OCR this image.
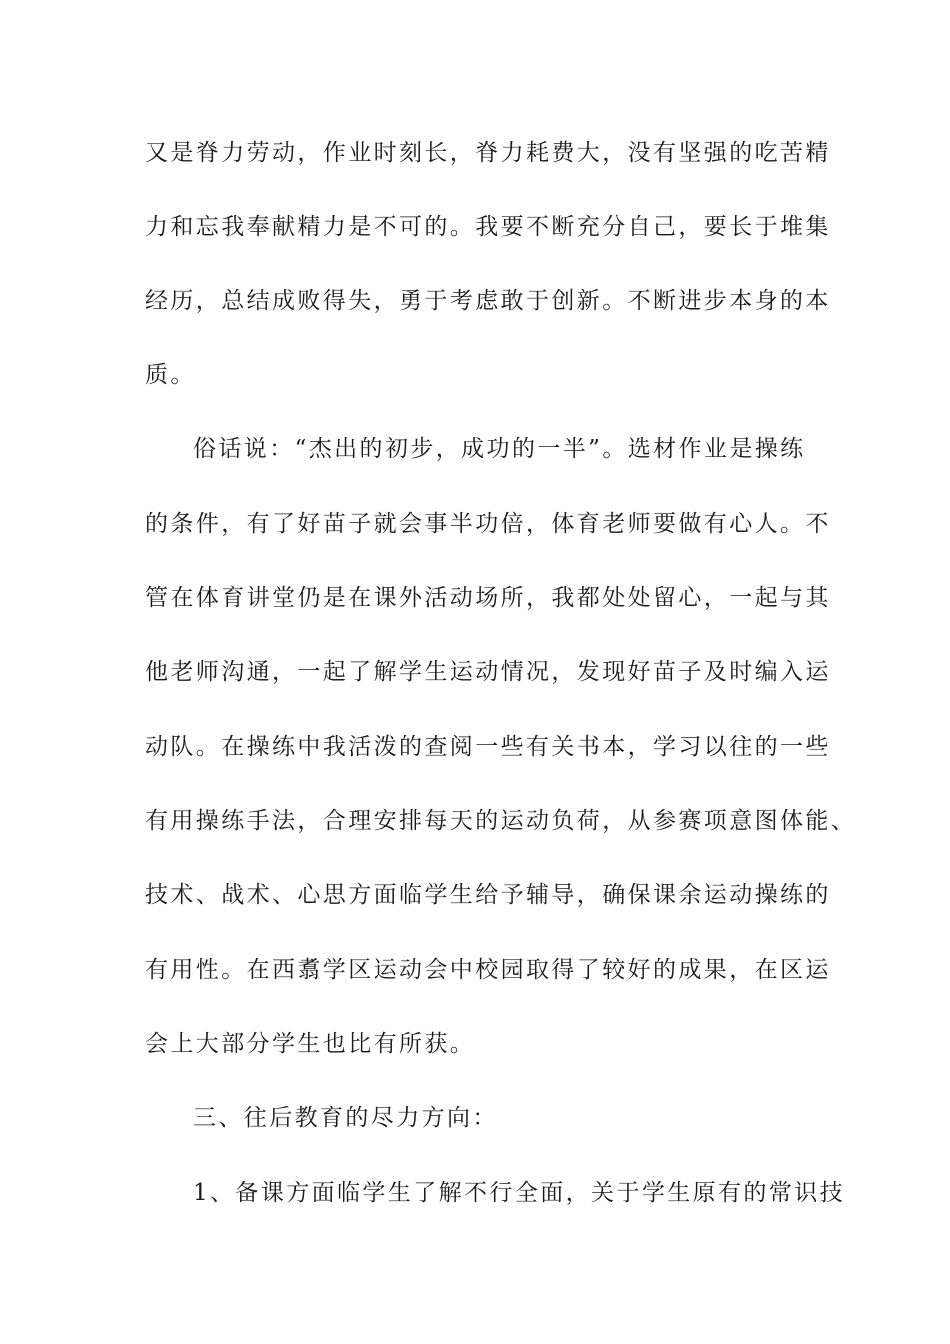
又是脊力劳动，作业时刻长，脊力耗费大，没有坚强的吃苦精
力和忘我奉献精力是不可的。我要不断充分自己，要长于堆集
经历，总结成败得失，勇于考虑敢于创新。不断进步本身的本
质。
俗话说：“杰出的初步，成功的一半”。选材作业是操练
的条件，有了好苗子就会事半功倍，体育老师要做有心人。不
管在体育讲堂仍是在课外活动场所，我都处处留心，一起与其
他老师沟通，一起了解学生运动情况，发现好苗子及时编入运
动队。在操练中我活泼的查阅一些有关书本，学习以往的一些
有用操练手法，合理安排每天的运动负荷，从参赛项意图体能、
技术、战术、心思方面临学生给予辅导，确保课余运动操练的
有用性。在西翥学区运动会中校园取得了较好的成果，在区运
会上大部分学生也比有所获。
三、往后教育的尽力方向：
1、备课方面临学生了解不行全面，关于学生原有的常识技
